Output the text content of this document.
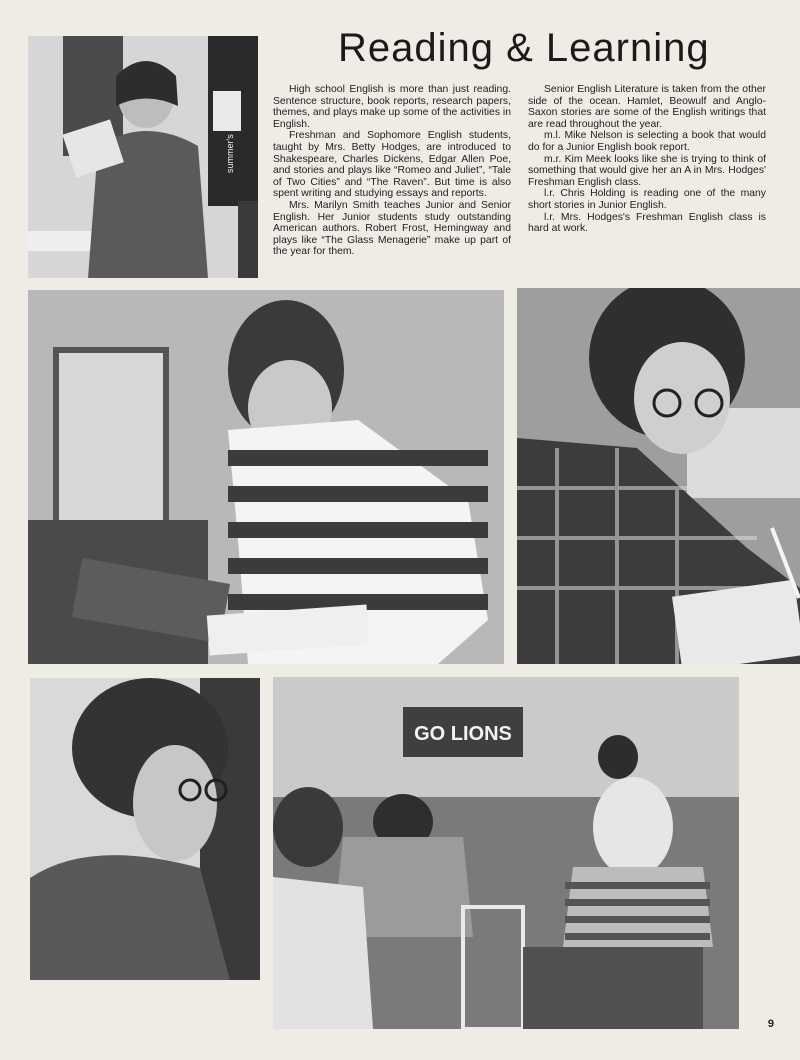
summer's
Reading & Learning

High school English is more than just reading. Sentence structure, book reports, research papers, themes, and plays make up some of the activities in English.

Freshman and Sophomore English students, taught by Mrs. Betty Hodges, are introduced to Shakespeare, Charles Dickens, Edgar Allen Poe, and stories and plays like “Romeo and Juliet”, “Tale of Two Cities” and “The Raven”. But time is also spent writing and studying essays and reports.

Mrs. Marilyn Smith teaches Junior and Senior English. Her Junior students study outstanding American authors. Robert Frost, Hemingway and plays like “The Glass Menagerie” make up part of the year for them.

Senior English Literature is taken from the other side of the ocean. Hamlet, Beowulf and Anglo-Saxon stories are some of the English writings that are read throughout the year.

m.l. Mike Nelson is selecting a book that would do for a Junior English book report.

m.r. Kim Meek looks like she is trying to think of something that would give her an A in Mrs. Hodges' Freshman English class.

l.r. Chris Holding is reading one of the many short stories in Junior English.

l.r. Mrs. Hodges's Freshman English class is hard at work.

GO LIONS
9
